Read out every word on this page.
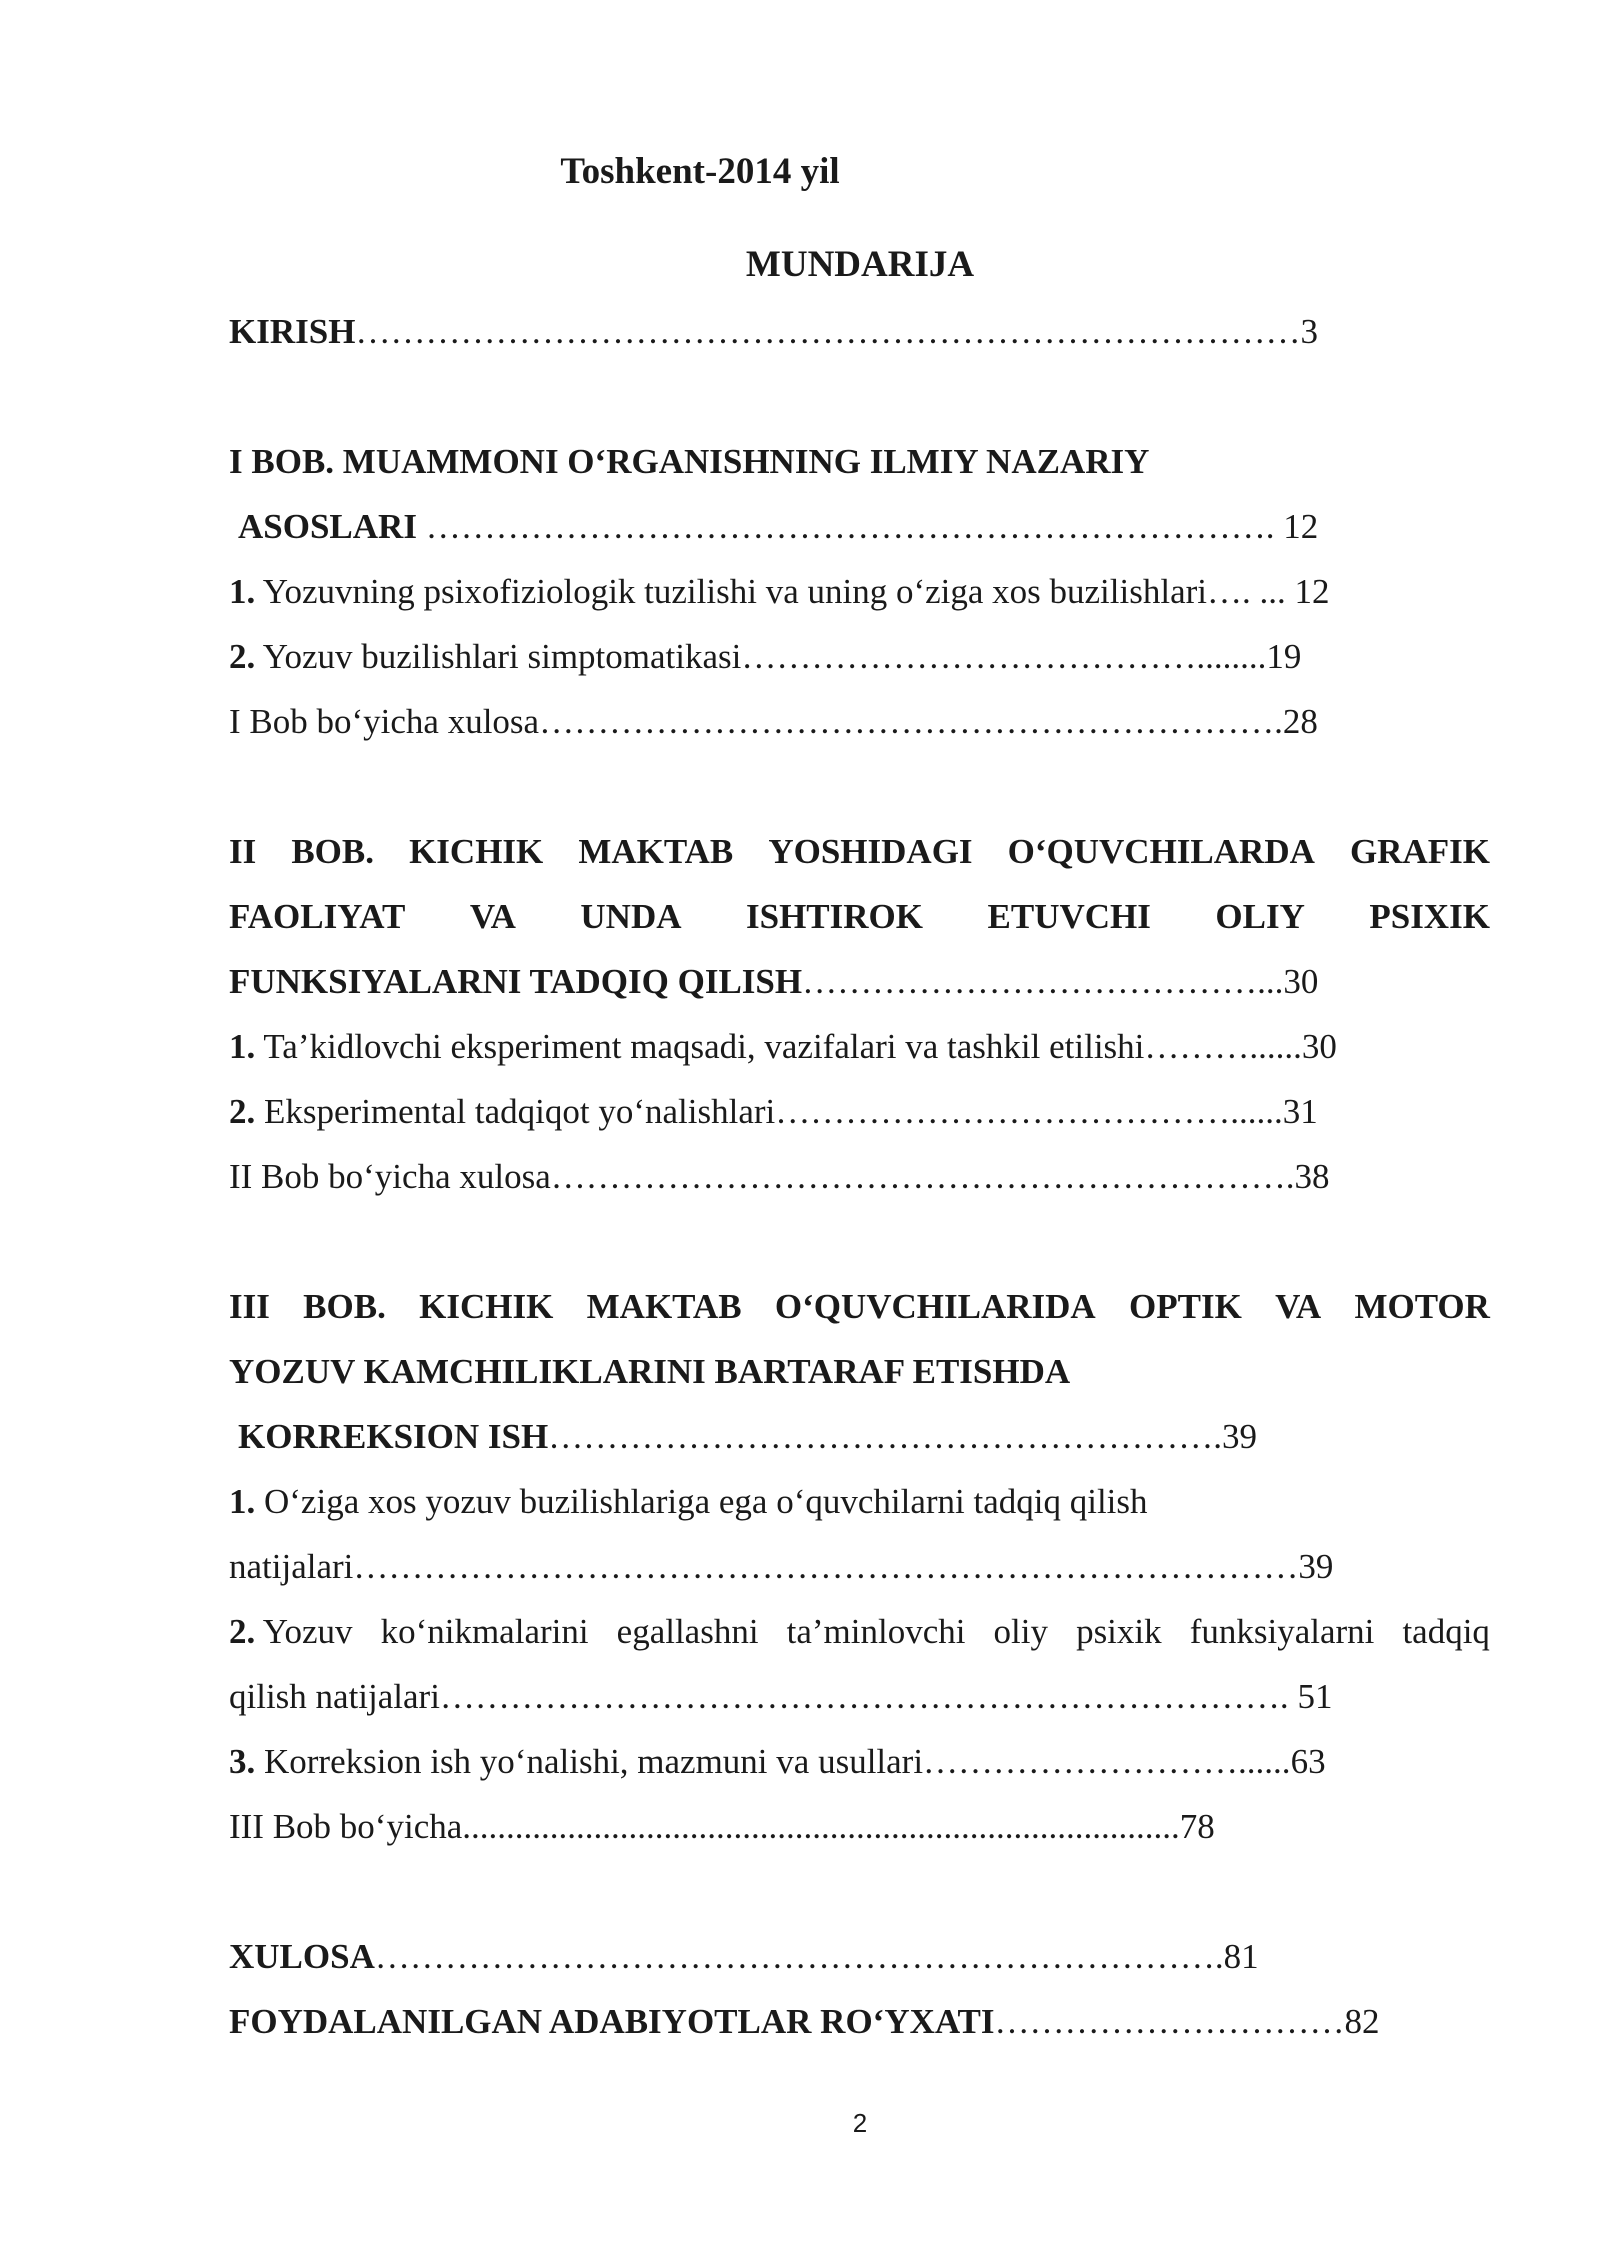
Toshkent-2014 yil
MUNDARIJA
KIRISH………………………………………………………………………3
I BOB. MUAMMONI O‘RGANISHNING ILMIY NAZARIY
ASOSLARI ………………………………………………………………. 12
1. Yozuvning psixofiziologik tuzilishi va uning o‘ziga xos buzilishlari…. ... 12
2. Yozuv buzilishlari simptomatikasi…………………………………........19
I Bob bo‘yicha xulosa……………………………………………………….28
II BOB. KICHIK MAKTAB YOSHIDAGI O‘QUVCHILARDA GRAFIK
FAOLIYAT VA UNDA ISHTIROK ETUVCHI OLIY PSIXIK
FUNKSIYALARNI TADQIQ QILISH…………………………………...30
1. Ta’kidlovchi eksperiment maqsadi, vazifalari va tashkil etilishi………......30
2. Eksperimental tadqiqot yo‘nalishlari…………………………………......31
II Bob bo‘yicha xulosa……………………………………………………….38
III BOB. KICHIK MAKTAB O‘QUVCHILARIDA OPTIK VA MOTOR
YOZUV KAMCHILIKLARINI BARTARAF ETISHDA
KORREKSION ISH………………………………………………….39
1. O‘ziga xos yozuv buzilishlariga ega o‘quvchilarni tadqiq qilish
natijalari………………………………………………………………………39
2. Yozuv ko‘nikmalarini egallashni ta’minlovchi oliy psixik funksiyalarni tadqiq
qilish natijalari………………………………………………………………. 51
3. Korreksion ish yo‘nalishi, mazmuni va usullari………………………......63
III Bob bo‘yicha..................................................................................78
XULOSA……………………………………………………………….81
FOYDALANILGAN ADABIYOTLAR RO‘YXATI…………………………82
2
